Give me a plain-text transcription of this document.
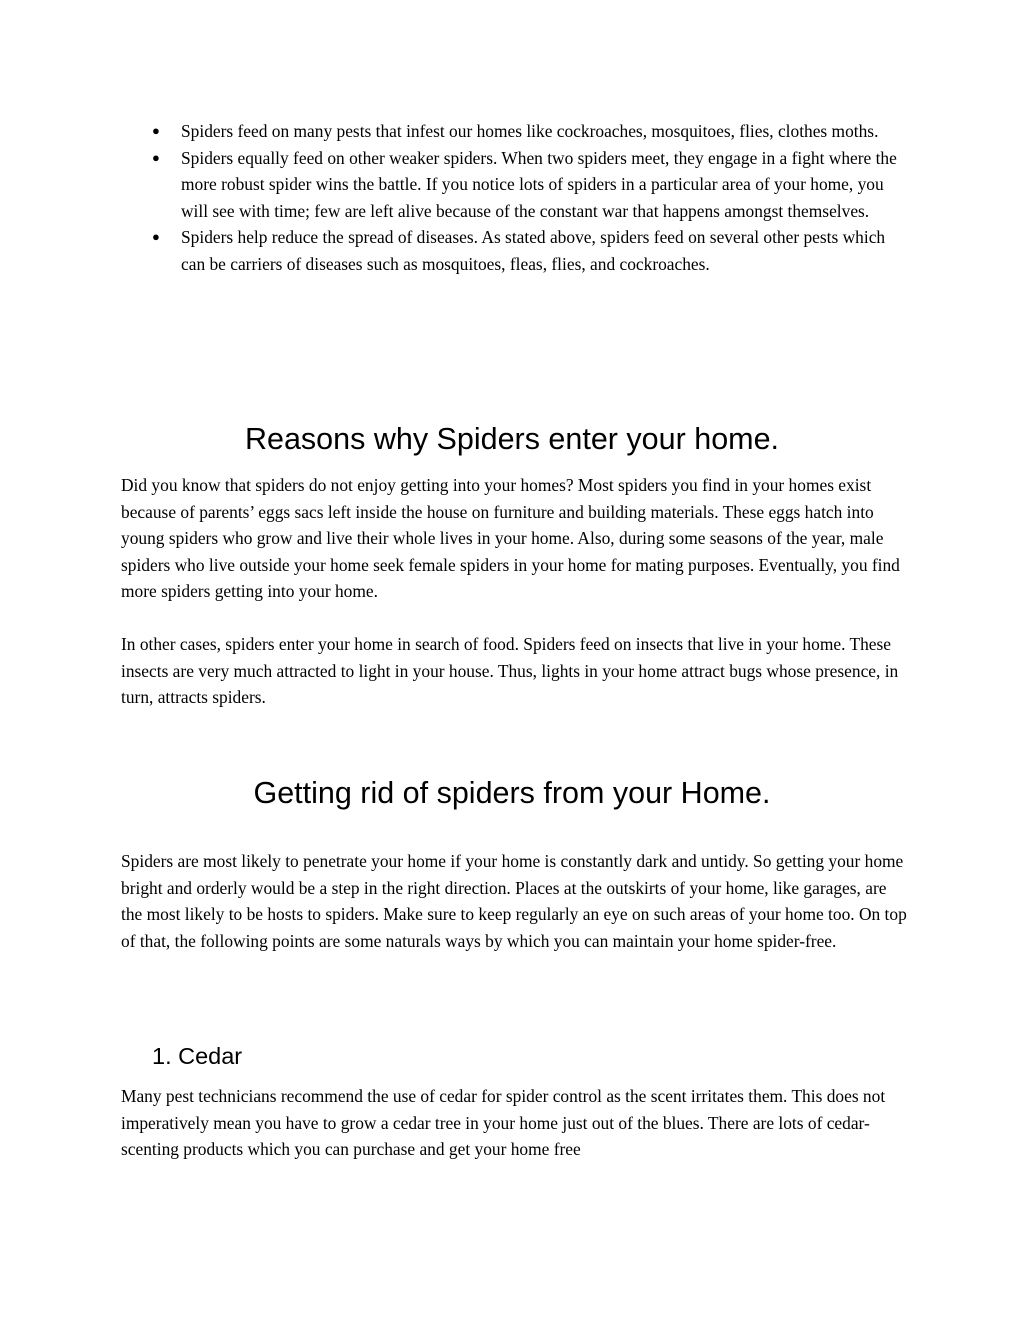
● Spiders feed on many pests that infest our homes like cockroaches, mosquitoes, flies, clothes moths.
● Spiders equally feed on other weaker spiders. When two spiders meet, they engage in a fight where the more robust spider wins the battle. If you notice lots of spiders in a particular area of your home, you will see with time; few are left alive because of the constant war that happens amongst themselves.
● Spiders help reduce the spread of diseases. As stated above, spiders feed on several other pests which can be carriers of diseases such as mosquitoes, fleas, flies, and cockroaches.
Reasons why Spiders enter your home.

Did you know that spiders do not enjoy getting into your homes? Most spiders you find in your homes exist because of parents’ eggs sacs left inside the house on furniture and building materials. These eggs hatch into young spiders who grow and live their whole lives in your home. Also, during some seasons of the year, male spiders who live outside your home seek female spiders in your home for mating purposes. Eventually, you find more spiders getting into your home.

In other cases, spiders enter your home in search of food. Spiders feed on insects that live in your home. These insects are very much attracted to light in your house. Thus, lights in your home attract bugs whose presence, in turn, attracts spiders.

Getting rid of spiders from your Home.

Spiders are most likely to penetrate your home if your home is constantly dark and untidy. So getting your home bright and orderly would be a step in the right direction. Places at the outskirts of your home, like garages, are the most likely to be hosts to spiders. Make sure to keep regularly an eye on such areas of your home too. On top of that, the following points are some naturals ways by which you can maintain your home spider-free.

1. Cedar

Many pest technicians recommend the use of cedar for spider control as the scent irritates them. This does not imperatively mean you have to grow a cedar tree in your home just out of the blues. There are lots of cedar-scenting products which you can purchase and get your home free
